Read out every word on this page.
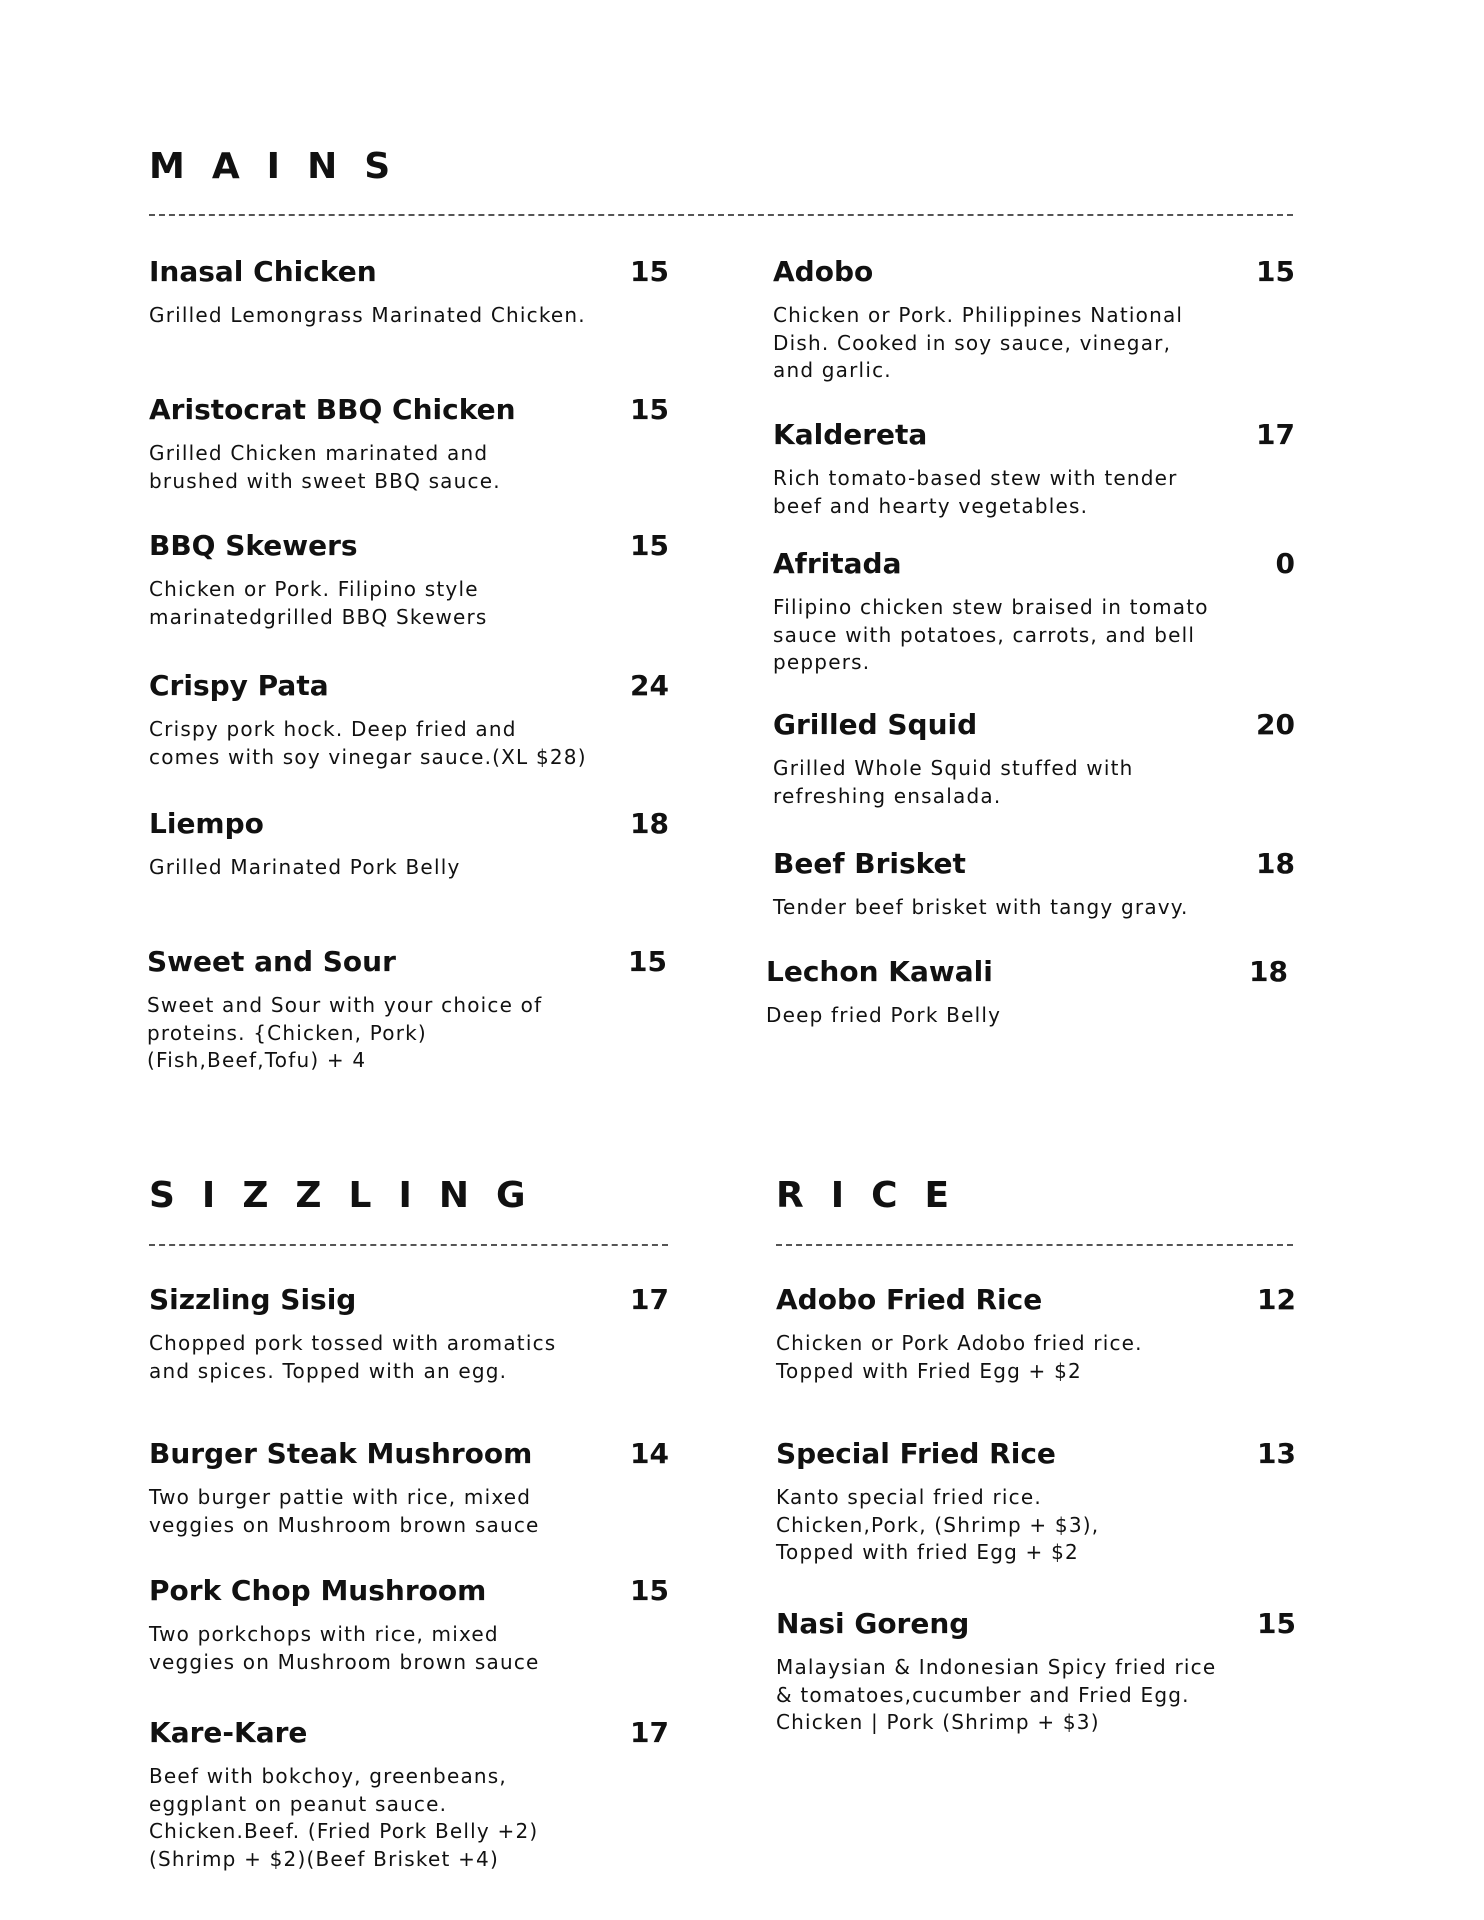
MAINS
Inasal Chicken	15
Grilled Lemongrass Marinated Chicken.
Aristocrat BBQ Chicken	15
Grilled Chicken marinated and
brushed with sweet BBQ sauce.
BBQ Skewers	15
Chicken or Pork. Filipino style
marinatedgrilled BBQ Skewers
Crispy Pata	24
Crispy pork hock. Deep fried and
comes with soy vinegar sauce.(XL $28)
Liempo	18
Grilled Marinated Pork Belly
Sweet and Sour	15
Sweet and Sour with your choice of
proteins. {Chicken, Pork)
(Fish,Beef,Tofu) + 4
Adobo	15
Chicken or Pork. Philippines National
Dish. Cooked in soy sauce, vinegar,
and garlic.
Kaldereta	17
Rich tomato-based stew with tender
beef and hearty vegetables.
Afritada	0
Filipino chicken stew braised in tomato
sauce with potatoes, carrots, and bell
peppers.
Grilled Squid	20
Grilled Whole Squid stuffed with
refreshing ensalada.
Beef Brisket	18
Tender beef brisket with tangy gravy.
Lechon Kawali	18
Deep fried Pork Belly
SIZZLING
Sizzling Sisig	17
Chopped pork tossed with aromatics
and spices. Topped with an egg.
Burger Steak Mushroom	14
Two burger pattie with rice, mixed
veggies on Mushroom brown sauce
Pork Chop Mushroom	15
Two porkchops with rice, mixed
veggies on Mushroom brown sauce
Kare-Kare	17
Beef with bokchoy, greenbeans,
eggplant on peanut sauce.
Chicken.Beef. (Fried Pork Belly +2)
(Shrimp + $2)(Beef Brisket +4)
RICE
Adobo Fried Rice	12
Chicken or Pork Adobo fried rice.
Topped with Fried Egg + $2
Special Fried Rice	13
Kanto special fried rice.
Chicken,Pork, (Shrimp + $3),
Topped with fried Egg + $2
Nasi Goreng	15
Malaysian & Indonesian Spicy fried rice
& tomatoes,cucumber and Fried Egg.
Chicken | Pork (Shrimp + $3)
